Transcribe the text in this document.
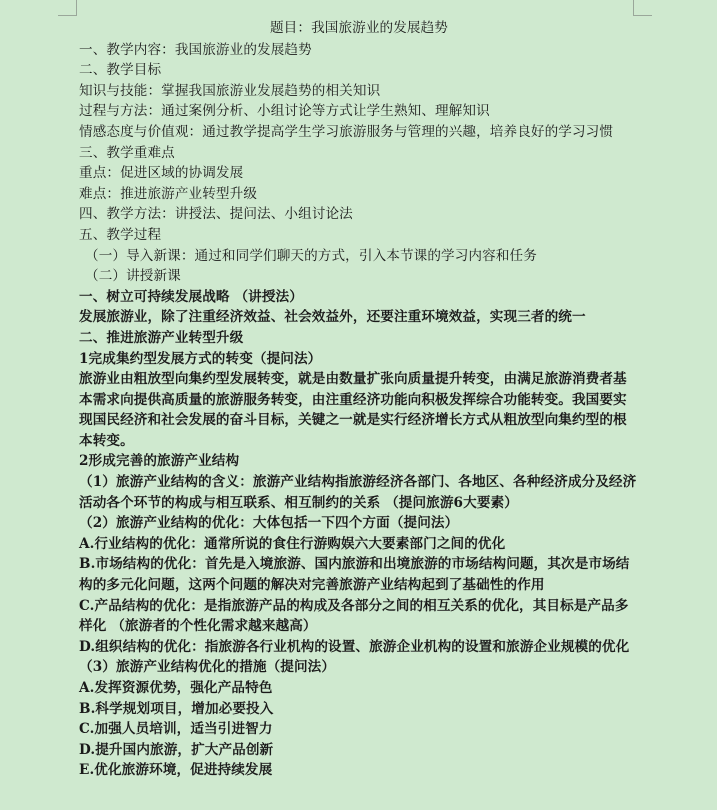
题目：我国旅游业的发展趋势
一、教学内容：我国旅游业的发展趋势
二、教学目标
知识与技能：掌握我国旅游业发展趋势的相关知识
过程与方法：通过案例分析、小组讨论等方式让学生熟知、理解知识
情感态度与价值观：通过教学提高学生学习旅游服务与管理的兴趣，培养良好的学习习惯
三、教学重难点
重点：促进区域的协调发展
难点：推进旅游产业转型升级
四、教学方法：讲授法、提问法、小组讨论法
五、教学过程
（一）导入新课：通过和同学们聊天的方式，引入本节课的学习内容和任务
（二）讲授新课
一、树立可持续发展战略 （讲授法）
发展旅游业，除了注重经济效益、社会效益外，还要注重环境效益，实现三者的统一
二、推进旅游产业转型升级
1完成集约型发展方式的转变（提问法）
旅游业由粗放型向集约型发展转变，就是由数量扩张向质量提升转变，由满足旅游消费者基本需求向提供高质量的旅游服务转变，由注重经济功能向积极发挥综合功能转变。我国要实现国民经济和社会发展的奋斗目标，关键之一就是实行经济增长方式从粗放型向集约型的根本转变。
2形成完善的旅游产业结构
（1）旅游产业结构的含义：旅游产业结构指旅游经济各部门、各地区、各种经济成分及经济活动各个环节的构成与相互联系、相互制约的关系 （提问旅游6大要素）
（2）旅游产业结构的优化：大体包括一下四个方面（提问法）
A.行业结构的优化：通常所说的食住行游购娱六大要素部门之间的优化
B.市场结构的优化：首先是入境旅游、国内旅游和出境旅游的市场结构问题，其次是市场结构的多元化问题，这两个问题的解决对完善旅游产业结构起到了基础性的作用
C.产品结构的优化：是指旅游产品的构成及各部分之间的相互关系的优化，其目标是产品多样化 （旅游者的个性化需求越来越高）
D.组织结构的优化：指旅游各行业机构的设置、旅游企业机构的设置和旅游企业规模的优化
（3）旅游产业结构优化的措施（提问法）
A.发挥资源优势，强化产品特色
B.科学规划项目，增加必要投入
C.加强人员培训，适当引进智力
D.提升国内旅游，扩大产品创新
E.优化旅游环境，促进持续发展
